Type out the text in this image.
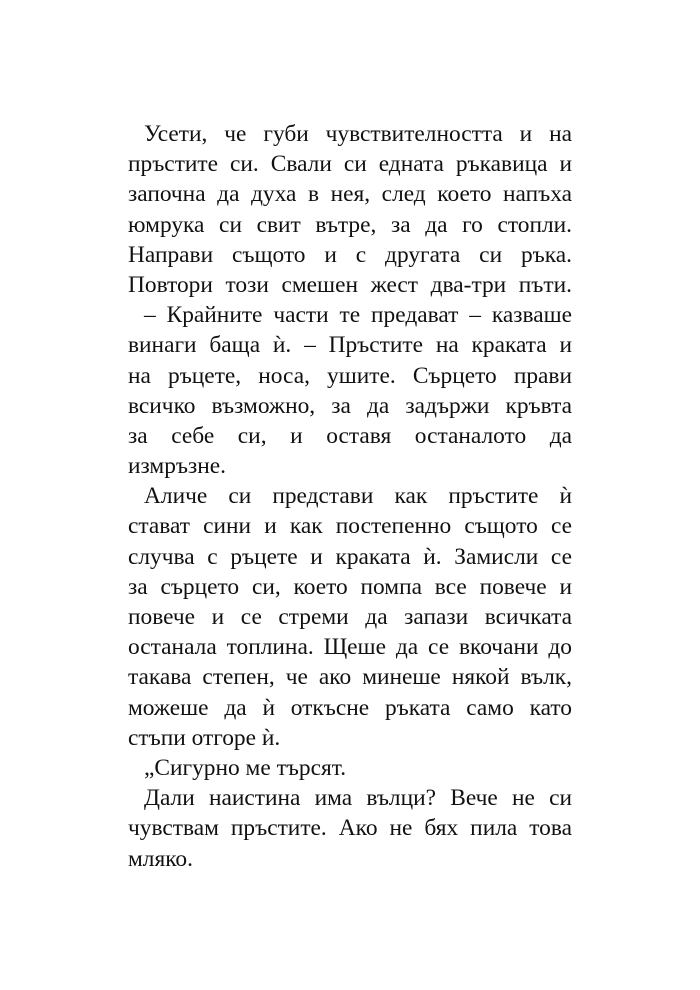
Усети, че губи чувствителността и на
пръстите си. Свали си едната ръкавица и
започна да духа в нея, след което напъха
юмрука си свит вътре, за да го стопли.
Направи същото и с другата си ръка.
Повтори този смешен жест два-три пъти.
– Крайните части те предават – казваше
винаги баща ѝ. – Пръстите на краката и
на ръцете, носа, ушите. Сърцето прави
всичко възможно, за да задържи кръвта
за себе си, и оставя останалото да
измръзне.
Аличе си представи как пръстите ѝ
стават сини и как постепенно същото се
случва с ръцете и краката ѝ. Замисли се
за сърцето си, което помпа все повече и
повече и се стреми да запази всичката
останала топлина. Щеше да се вкочани до
такава степен, че ако минеше някой вълк,
можеше да ѝ откъсне ръката само като
стъпи отгоре ѝ.
„Сигурно ме търсят.
Дали наистина има вълци? Вече не си
чувствам пръстите. Ако не бях пила това
мляко.
